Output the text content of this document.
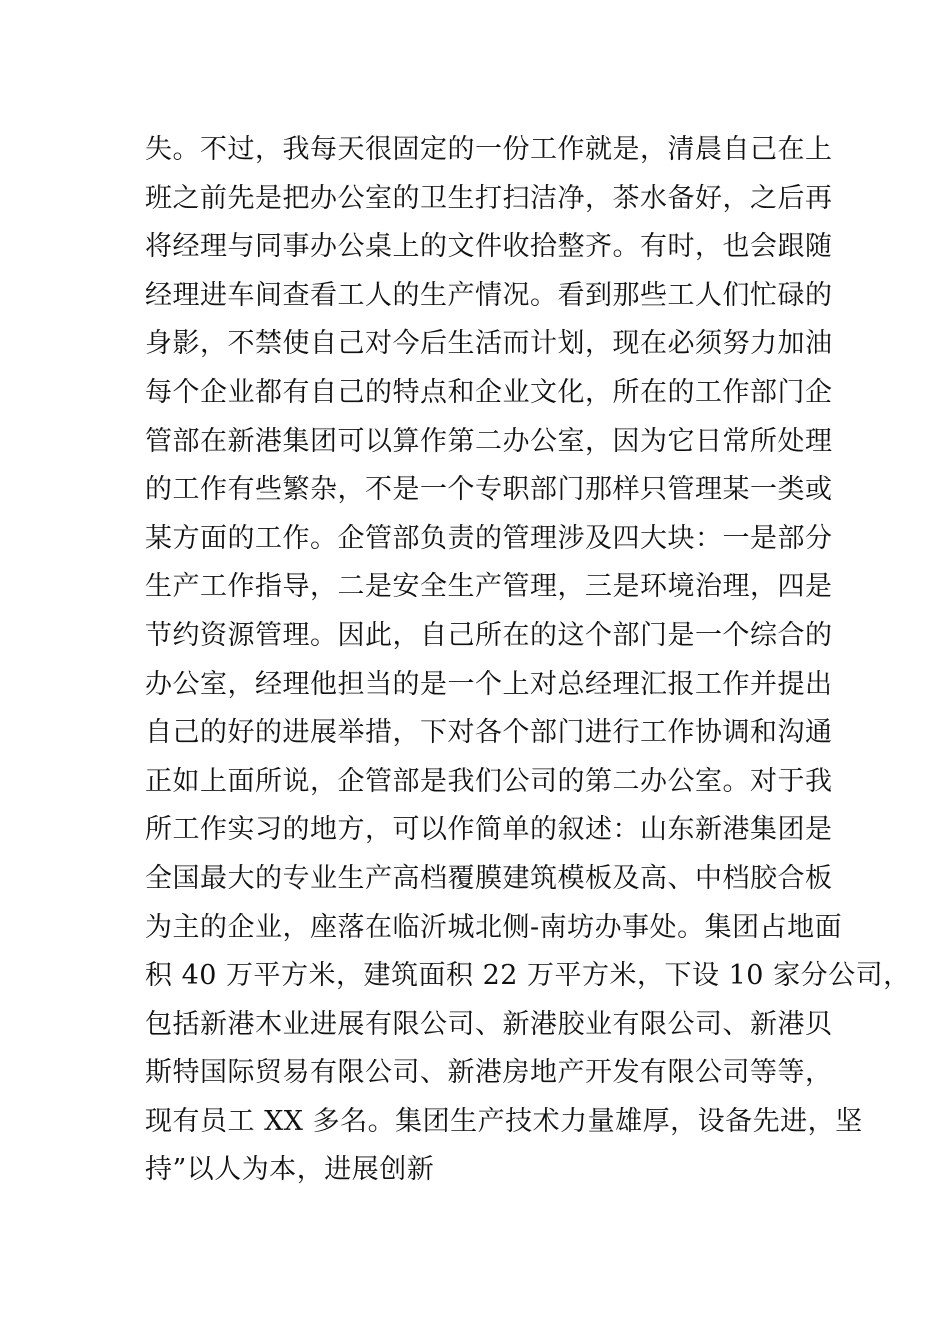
失。不过，我每天很固定的一份工作就是，清晨自己在上
班之前先是把办公室的卫生打扫洁净，茶水备好，之后再
将经理与同事办公桌上的文件收拾整齐。有时，也会跟随
经理进车间查看工人的生产情况。看到那些工人们忙碌的
身影，不禁使自己对今后生活而计划，现在必须努力加油
每个企业都有自己的特点和企业文化，所在的工作部门企
管部在新港集团可以算作第二办公室，因为它日常所处理
的工作有些繁杂，不是一个专职部门那样只管理某一类或
某方面的工作。企管部负责的管理涉及四大块：一是部分
生产工作指导，二是安全生产管理，三是环境治理，四是
节约资源管理。因此，自己所在的这个部门是一个综合的
办公室，经理他担当的是一个上对总经理汇报工作并提出
自己的好的进展举措，下对各个部门进行工作协调和沟通
正如上面所说，企管部是我们公司的第二办公室。对于我
所工作实习的地方，可以作简单的叙述：山东新港集团是
全国最大的专业生产高档覆膜建筑模板及高、中档胶合板
为主的企业，座落在临沂城北侧-南坊办事处。集团占地面
积 40 万平方米，建筑面积 22 万平方米，下设 10 家分公司，
包括新港木业进展有限公司、新港胶业有限公司、新港贝
斯特国际贸易有限公司、新港房地产开发有限公司等等，
现有员工 XX 多名。集团生产技术力量雄厚，设备先进，坚
持”以人为本，进展创新
